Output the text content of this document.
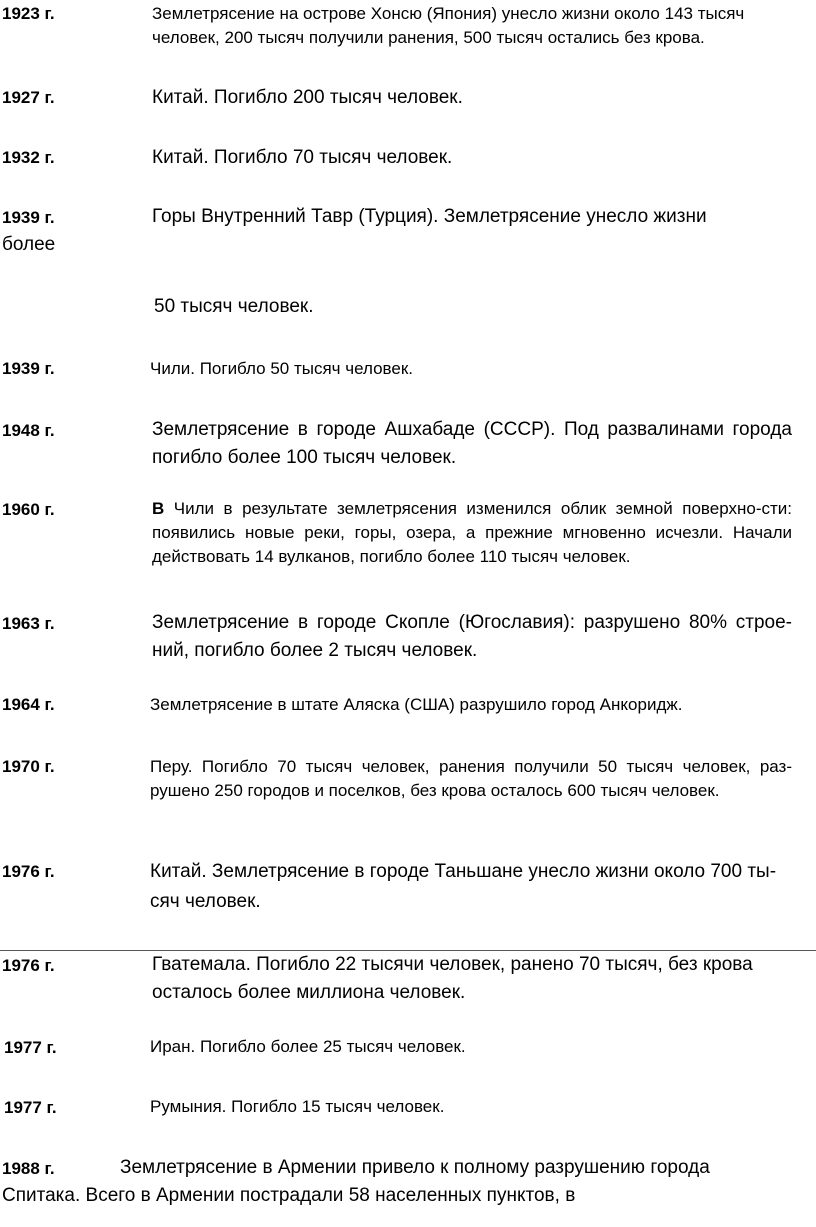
1923 г.	Землетрясение на острове Хонсю (Япония) унесло жизни около 143 тысяч человек, 200 тысяч получили ранения, 500 тысяч остались без крова.
1927 г.	Китай. Погибло 200 тысяч человек.
1932 г.	Китай. Погибло 70 тысяч человек.
1939 г.	Горы Внутренний Тавр (Турция). Землетрясение унесло жизни
более
50 тысяч человек.
1939 г.	Чили. Погибло 50 тысяч человек.
1948 г.	Землетрясение в городе Ашхабаде (СССР). Под развалинами города погибло более 100 тысяч человек.
1960 г.	В Чили в результате землетрясения изменился облик земной поверхно-сти: появились новые реки, горы, озера, а прежние мгновенно исчезли. Начали действовать 14 вулканов, погибло более 110 тысяч человек.
1963 г.	Землетрясение в городе Скопле (Югославия): разрушено 80% строе-ний, погибло более 2 тысяч человек.
1964 г.	Землетрясение в штате Аляска (США) разрушило город Анкоридж.
1970 г.	Перу. Погибло 70 тысяч человек, ранения получили 50 тысяч человек, раз-рушено 250 городов и поселков, без крова осталось 600 тысяч человек.
1976 г.	Китай. Землетрясение в городе Таньшане унесло жизни около 700 ты-сяч человек.
1976 г.	Гватемала. Погибло 22 тысячи человек, ранено 70 тысяч, без крова осталось более миллиона человек.
1977 г.	Иран. Погибло более 25 тысяч человек.
1977 г.	Румыния. Погибло 15 тысяч человек.
1988 г.	Землетрясение в Армении привело к полному разрушению города
Спитака. Всего в Армении пострадали 58 населенных пунктов, в
